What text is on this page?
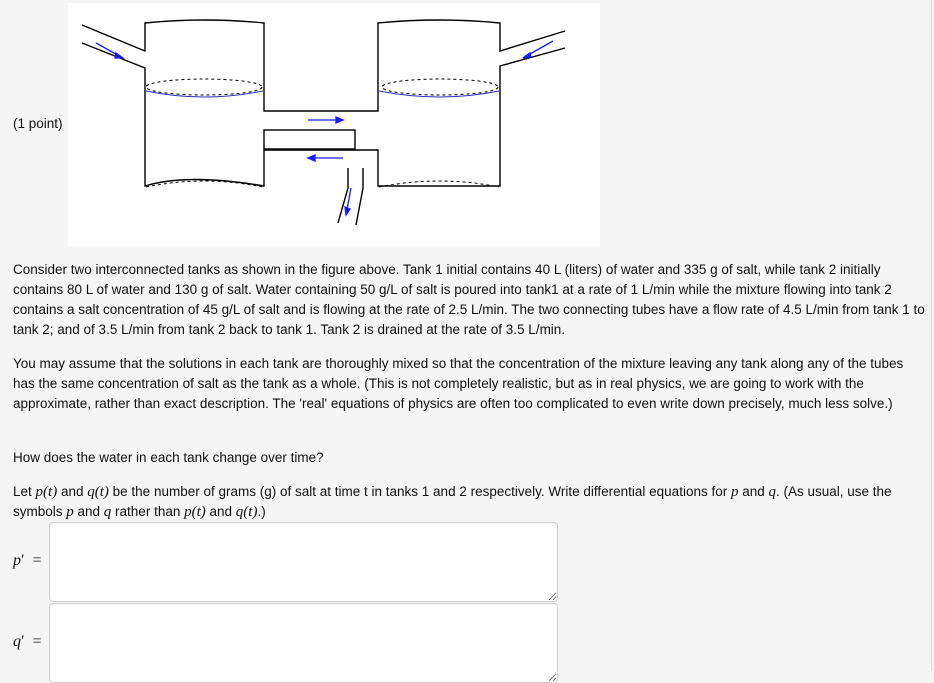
(1 point)

Consider two interconnected tanks as shown in the figure above. Tank 1 initial contains 40 L (liters) of water and 335 g of salt, while tank 2 initially contains 80 L of water and 130 g of salt. Water containing 50 g/L of salt is poured into tank1 at a rate of 1 L/min while the mixture flowing into tank 2 contains a salt concentration of 45 g/L of salt and is flowing at the rate of 2.5 L/min. The two connecting tubes have a flow rate of 4.5 L/min from tank 1 to tank 2; and of 3.5 L/min from tank 2 back to tank 1. Tank 2 is drained at the rate of 3.5 L/min.

You may assume that the solutions in each tank are thoroughly mixed so that the concentration of the mixture leaving any tank along any of the tubes has the same concentration of salt as the tank as a whole. (This is not completely realistic, but as in real physics, we are going to work with the approximate, rather than exact description. The 'real' equations of physics are often too complicated to even write down precisely, much less solve.)

How does the water in each tank change over time?

Let p(t) and q(t) be the number of grams (g) of salt at time t in tanks 1 and 2 respectively. Write differential equations for p and q. (As usual, use the symbols p and q rather than p(t) and q(t).)

p′ =
q′ =
